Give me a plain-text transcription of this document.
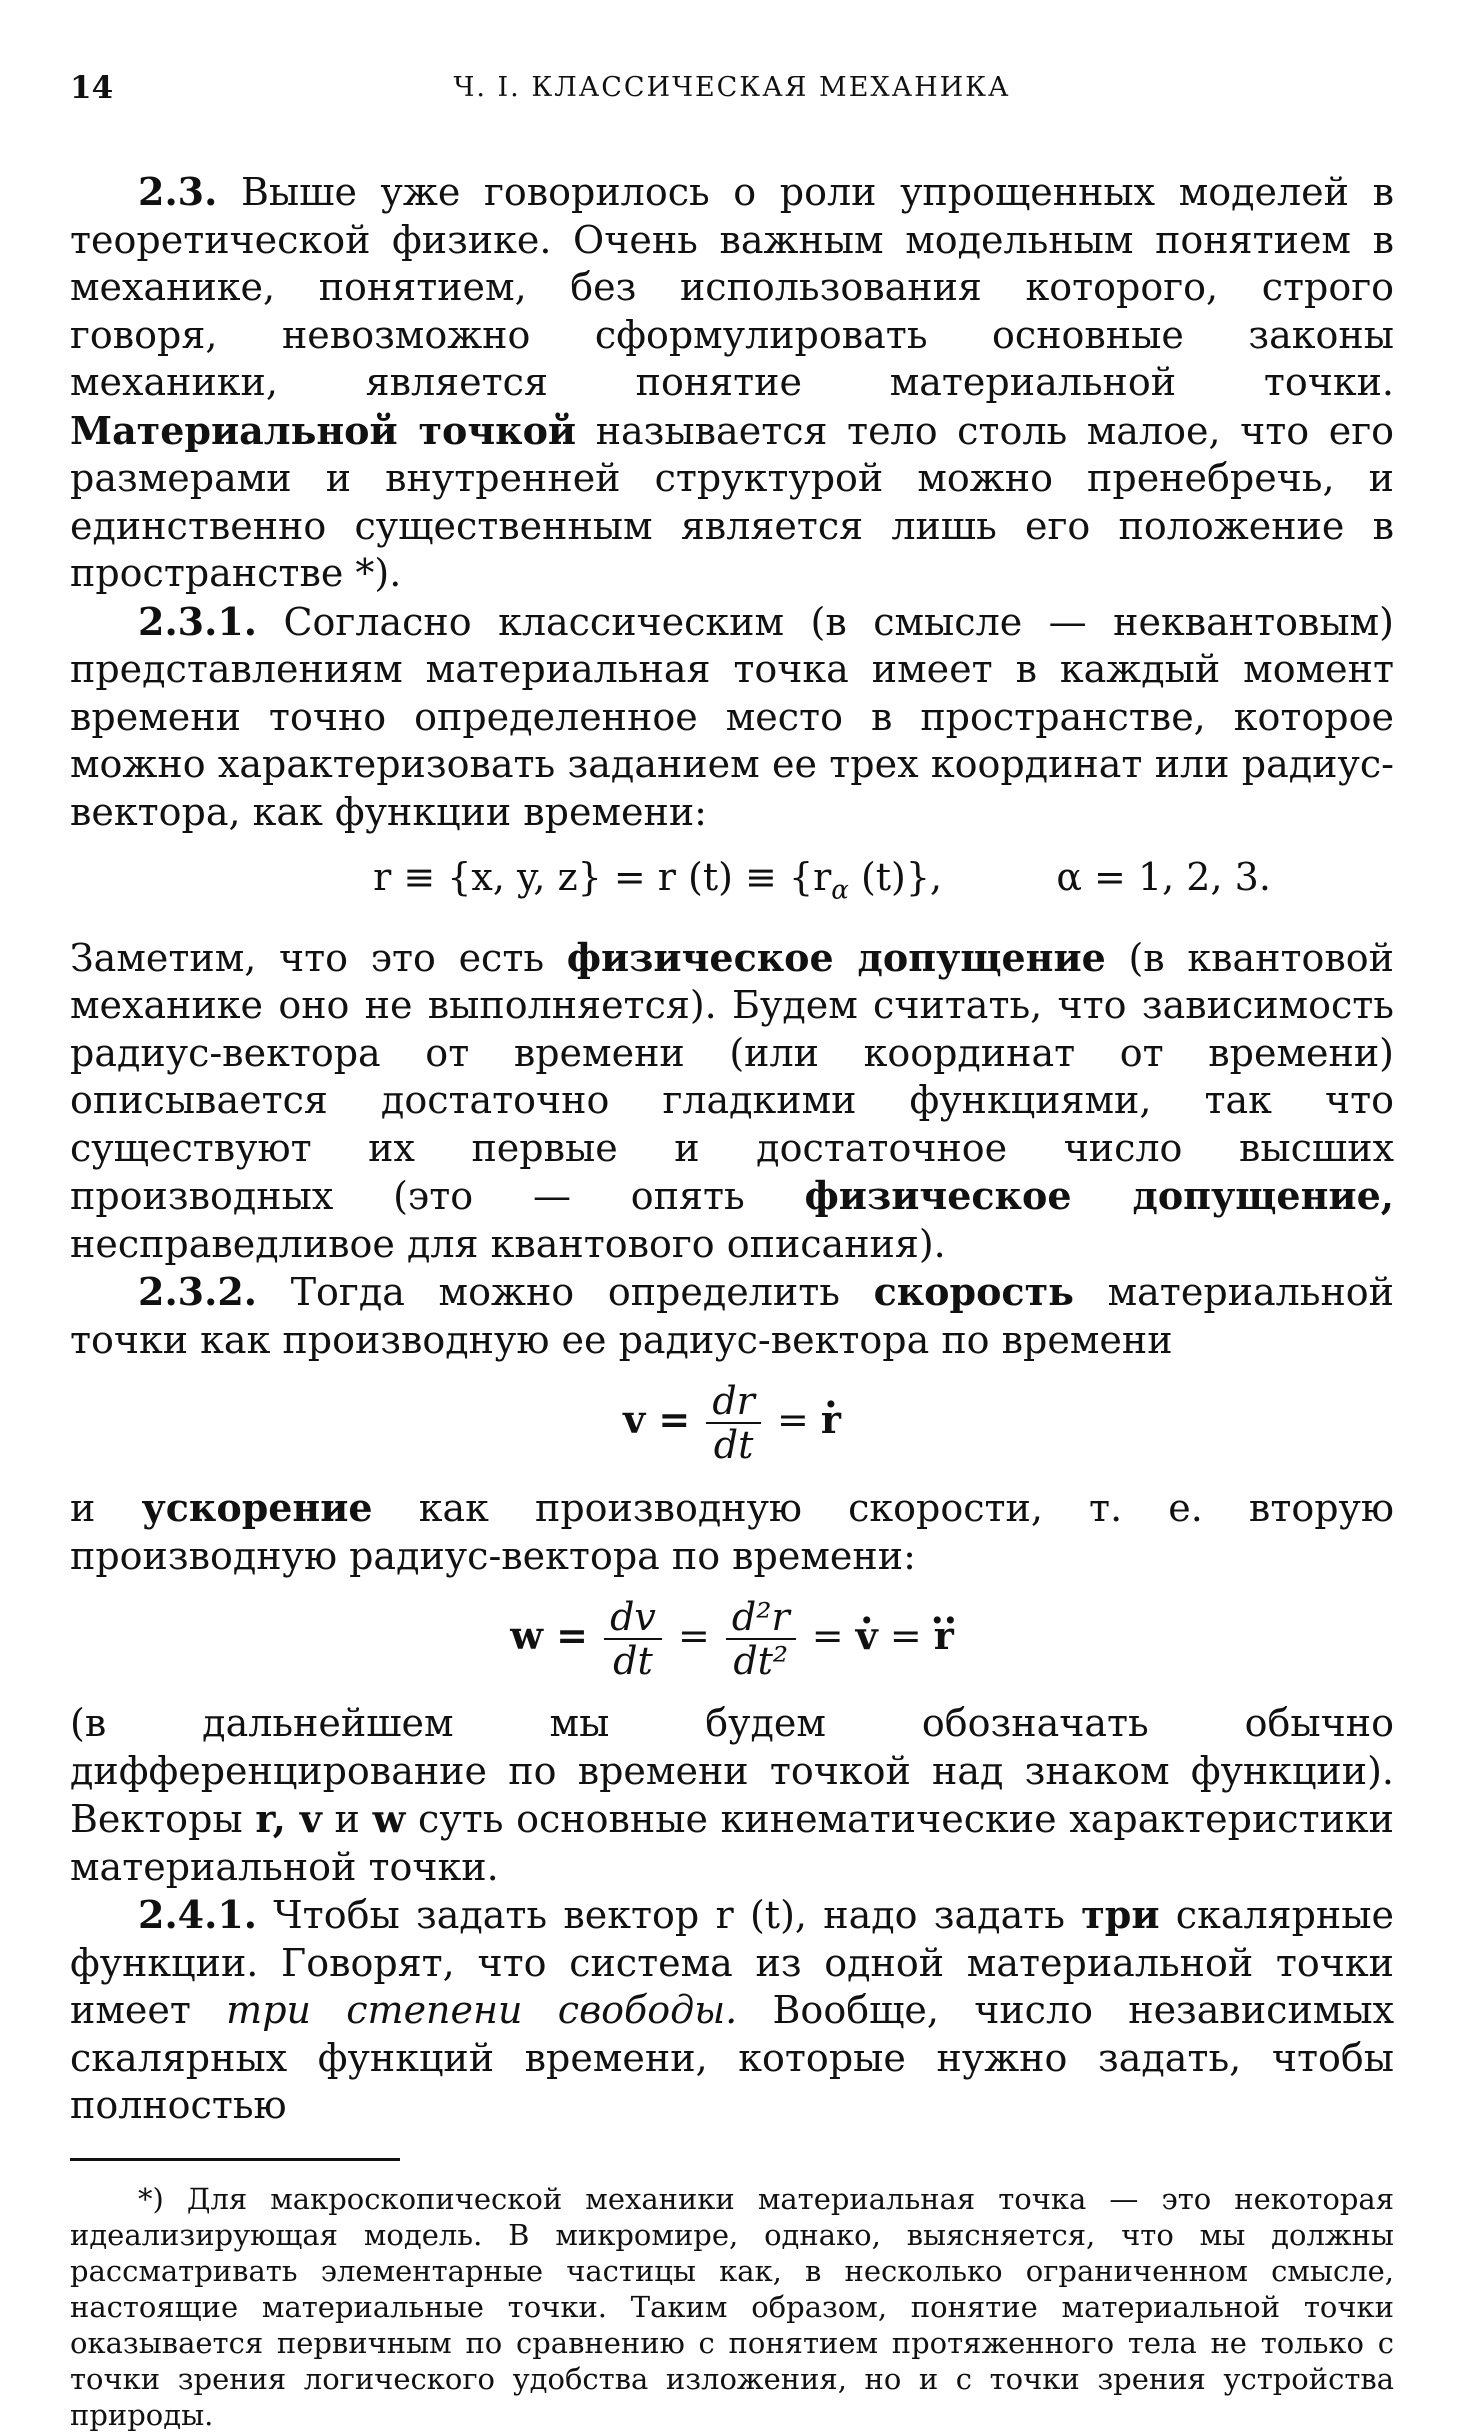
14	Ч. I. КЛАССИЧЕСКАЯ МЕХАНИКА

2.3. Выше уже говорилось о роли упрощенных моделей в теоретической физике. Очень важным модельным понятием в механике, понятием, без использования которого, строго говоря, невозможно сформулировать основные законы механики, является понятие материальной точки. Материальной точкой называется тело столь малое, что его размерами и внутренней структурой можно пренебречь, и единственно существенным является лишь его положение в пространстве *).

2.3.1. Согласно классическим (в смысле — неквантовым) представлениям материальная точка имеет в каждый момент времени точно определенное место в пространстве, которое можно характеризовать заданием ее трех координат или радиус-вектора, как функции времени:

r ≡ {x, y, z} = r $(t) \equiv \{r_\alpha$ (t)},	α = 1, 2, 3.

Заметим, что это есть физическое допущение (в квантовой механике оно не выполняется). Будем считать, что зависимость радиус-вектора от времени (или координат от времени) описывается достаточно гладкими функциями, так что существуют их первые и достаточное число высших производных (это — опять физическое допущение, несправедливое для квантового описания).

2.3.2. Тогда можно определить скорость материальной точки как производную ее радиус-вектора по времени

$v = \frac{dr}{dt}$ = . r

и ускорение как производную скорости, т. е. вторую производную радиус-вектора по времени:

$w = \frac{dv}{dt} = \frac{\text{d²r}}{\text{dt²}}$ = . v = .. r

(в дальнейшем мы будем обозначать обычно дифференцирование по времени точкой над знаком функции). Векторы r, v и w суть основные кинематические характеристики материальной точки.

2.4.1. Чтобы задать вектор r (t), надо задать три скалярные функции. Говорят, что система из одной материальной точки имеет три степени свободы. Вообще, число независимых скалярных функций времени, которые нужно задать, чтобы полностью

*) Для макроскопической механики материальная точка — это некоторая идеализирующая модель. В микромире, однако, выясняется, что мы должны рассматривать элементарные частицы как, в несколько ограниченном смысле, настоящие материальные точки. Таким образом, понятие материальной точки оказывается первичным по сравнению с понятием протяженного тела не только с точки зрения логического удобства изложения, но и с точки зрения устройства природы.
